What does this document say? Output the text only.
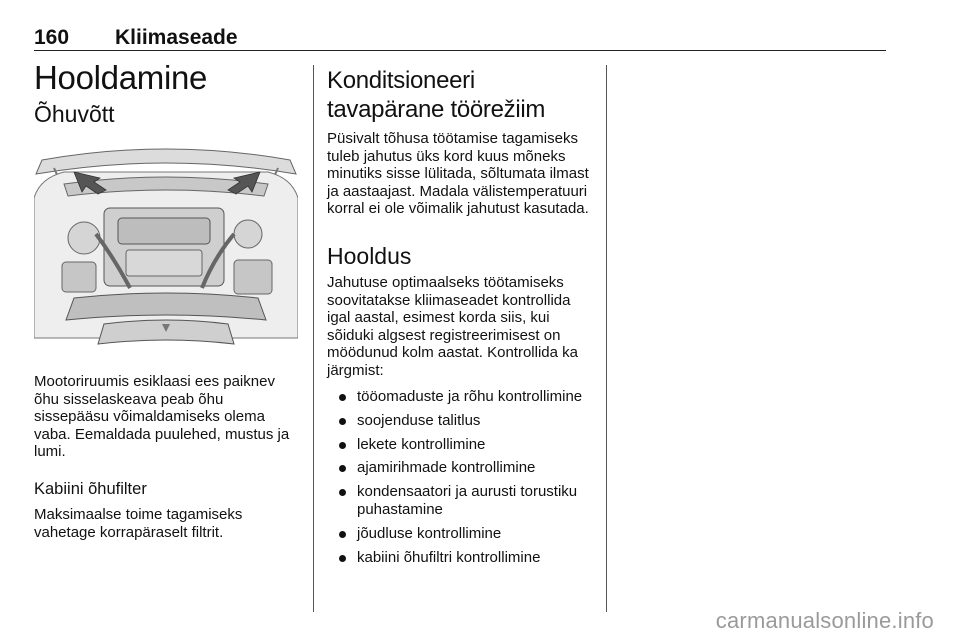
160 Kliimaseade
Hooldamine
Õhuvõtt

Mootoriruumis esiklaasi ees paiknev õhu sisselaskeava peab õhu sissepääsu võimaldamiseks olema vaba. Eemaldada puulehed, mustus ja lumi.

Kabiini õhufilter

Maksimaalse toime tagamiseks vahetage korrapäraselt filtrit.

Konditsioneeri tavapärane töörežiim

Püsivalt tõhusa töötamise tagamiseks tuleb jahutus üks kord kuus mõneks minutiks sisse lülitada, sõltumata ilmast ja aastaajast. Madala välistemperatuuri korral ei ole võimalik jahutust kasutada.

Hooldus

Jahutuse optimaalseks töötamiseks soovitatakse kliimaseadet kontrollida igal aastal, esimest korda siis, kui sõiduki algsest registreerimisest on möödunud kolm aastat. Kontrollida ka järgmist:

tööomaduste ja rõhu kontrollimine
soojenduse talitlus
lekete kontrollimine
ajamirihmade kontrollimine
kondensaatori ja aurusti torustiku puhastamine
jõudluse kontrollimine
kabiini õhufiltri kontrollimine
carmanualsonline.info
